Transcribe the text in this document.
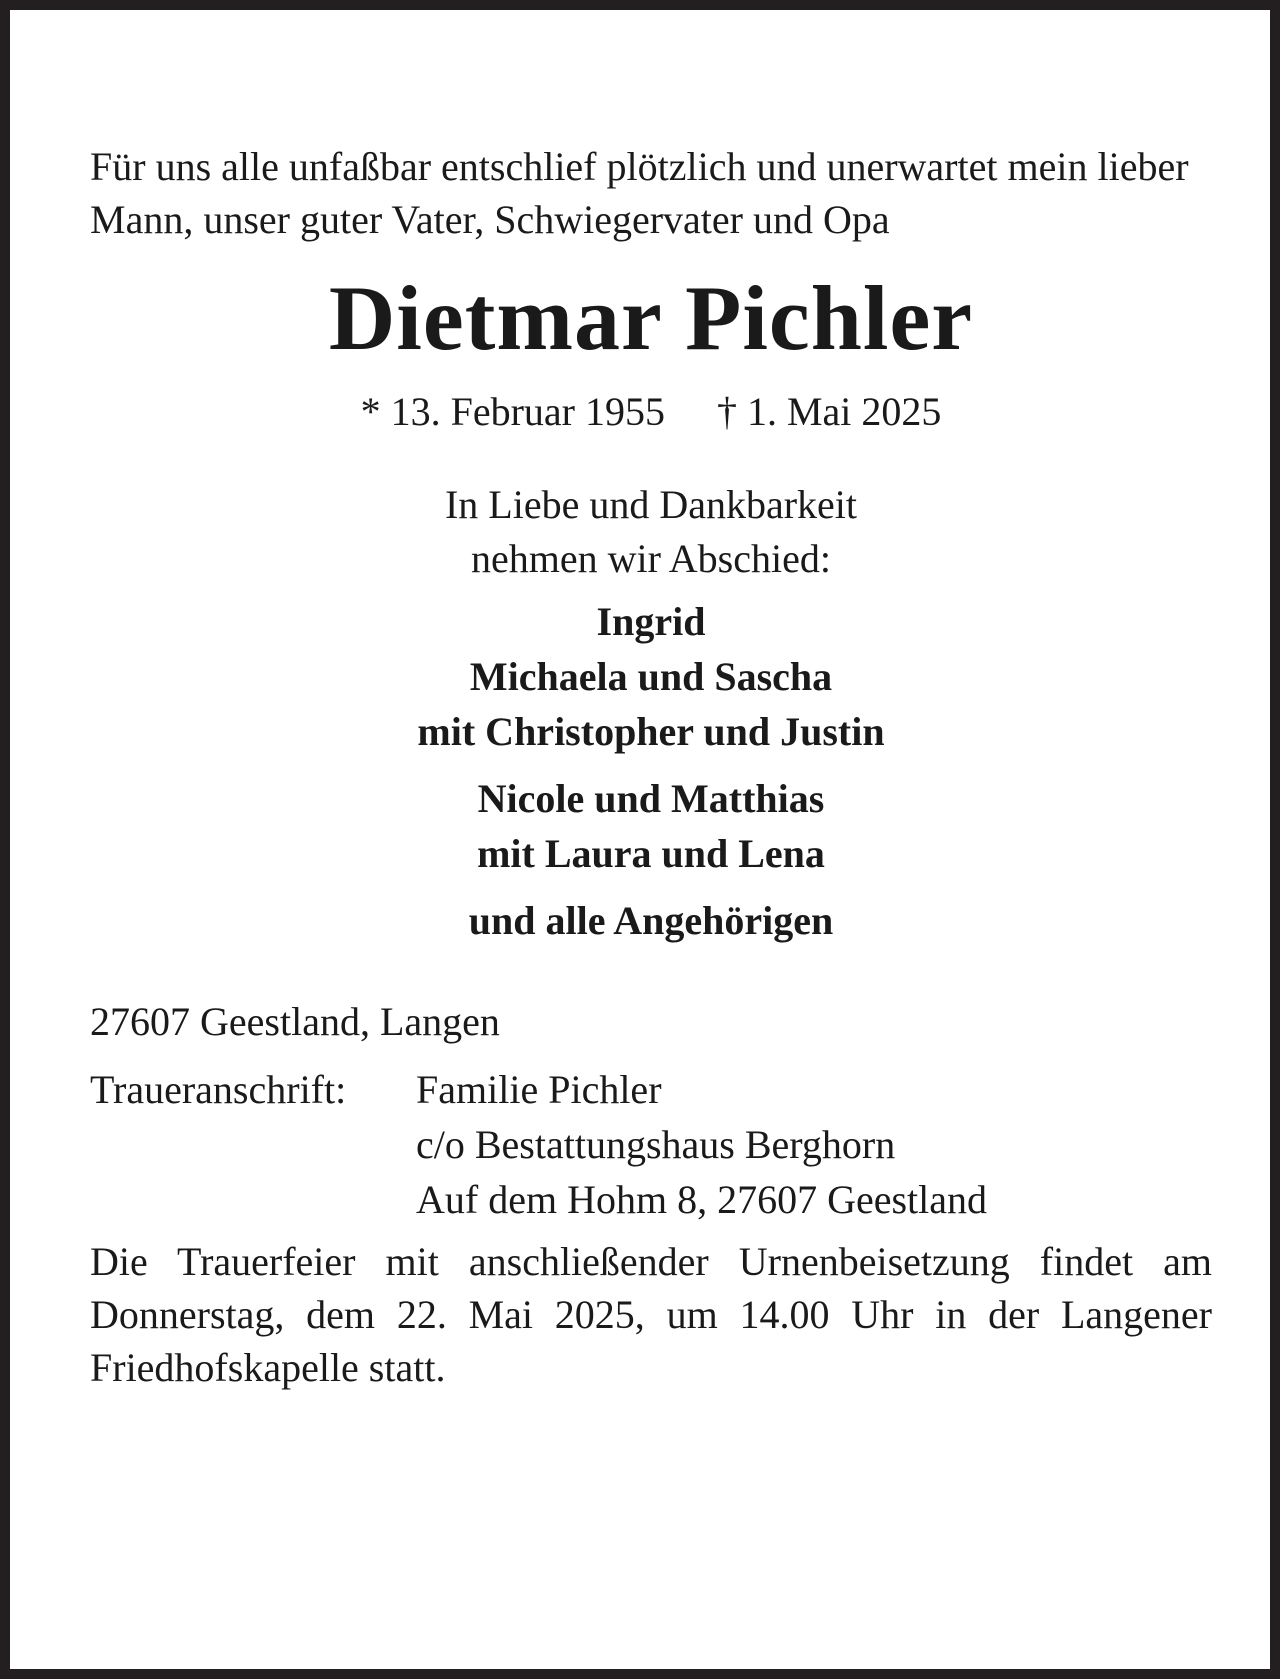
Für uns alle unfaßbar entschlief plötzlich und unerwartet mein lieber Mann, unser guter Vater, Schwiegervater und Opa

Dietmar Pichler
* 13. Februar 1955 † 1. Mai 2025
In Liebe und Dankbarkeit
nehmen wir Abschied:
Ingrid
Michaela und Sascha
mit Christopher und Justin
Nicole und Matthias
mit Laura und Lena
und alle Angehörigen
27607 Geestland, Langen
Traueranschrift:	Familie Pichler
c/o Bestattungshaus Berghorn
Auf dem Hohm 8, 27607 Geestland

Die Trauerfeier mit anschließender Urnenbeisetzung findet am Donnerstag, dem 22. Mai 2025, um 14.00 Uhr in der Langener Friedhofskapelle statt.
